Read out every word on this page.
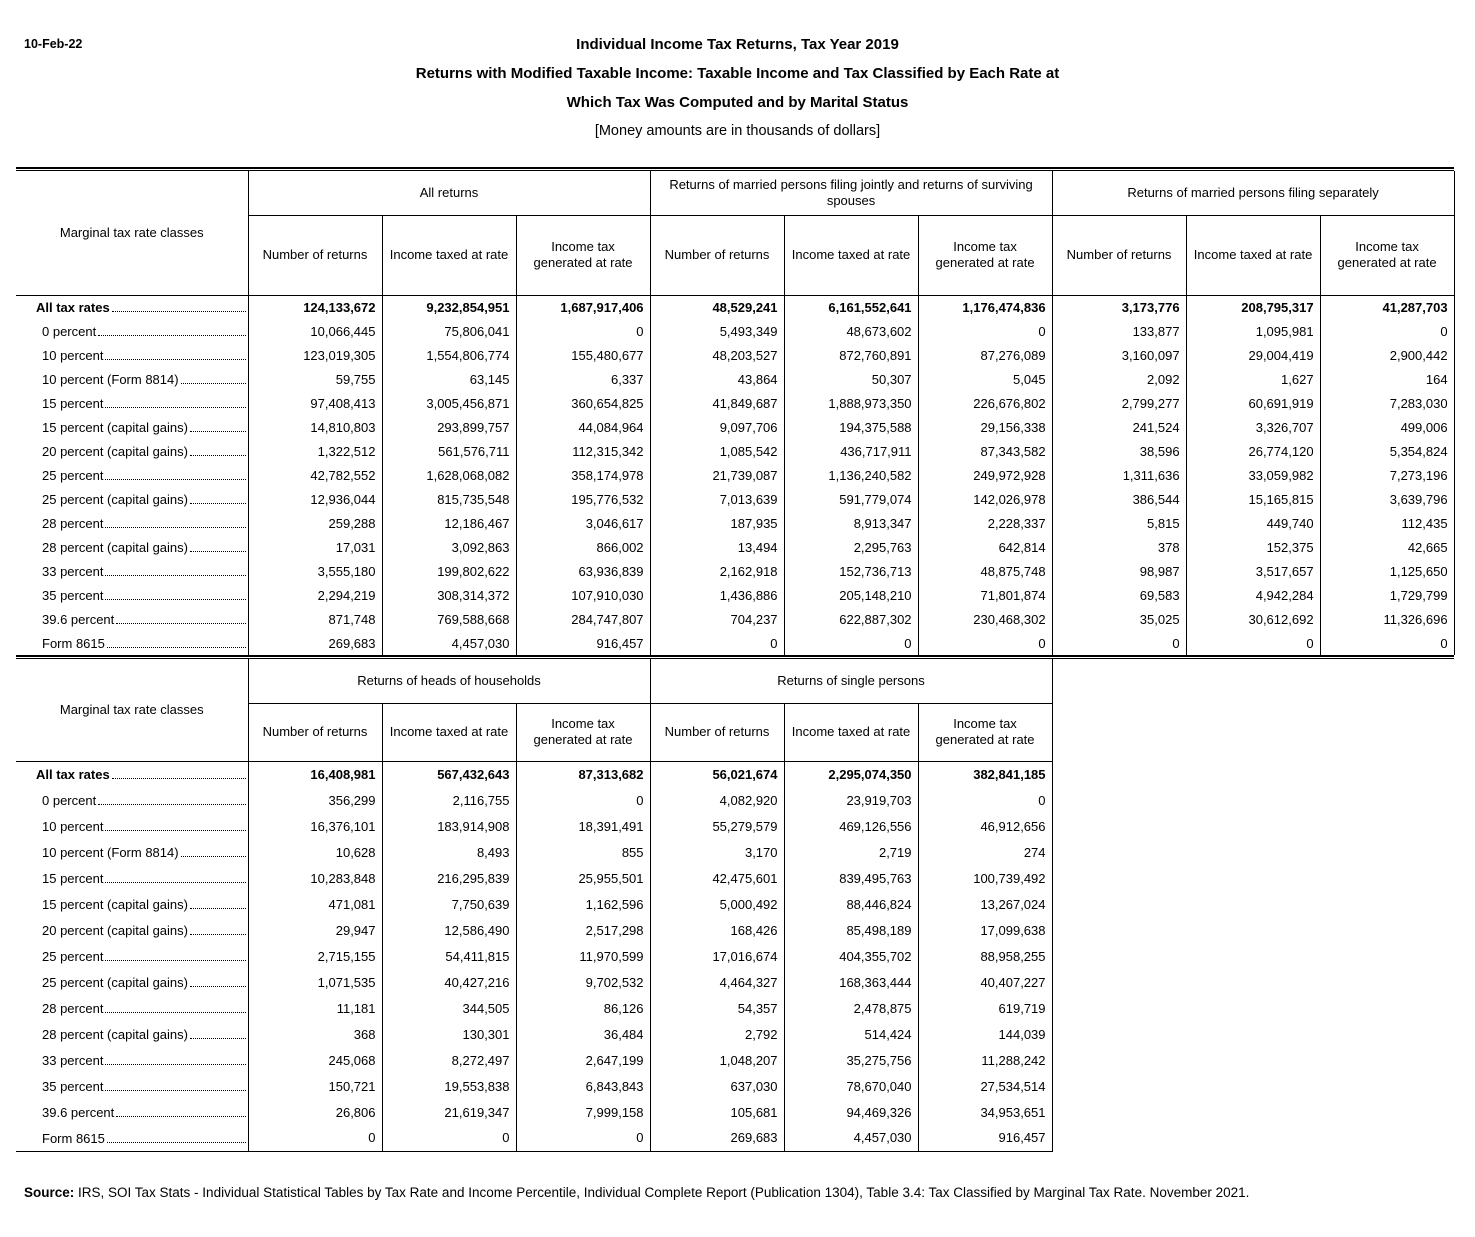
10-Feb-22	Individual Income Tax Returns, Tax Year 2019
Returns with Modified Taxable Income: Taxable Income and Tax Classified by Each Rate at
Which Tax Was Computed and by Marital Status
[Money amounts are in thousands of dollars]
Marginal tax rate classes	All returns			Returns of married persons filing jointly and returns of surviving spouses			Returns of married persons filing separately		
	Number of returns	Income taxed at rate	Income tax generated at rate	Number of returns	Income taxed at rate	Income tax generated at rate	Number of returns	Income taxed at rate	Income tax generated at rate

All tax rates	124,133,672	9,232,854,951	1,687,917,406	48,529,241	6,161,552,641	1,176,474,836	3,173,776	208,795,317	41,287,703

0 percent	10,066,445	75,806,041	0	5,493,349	48,673,602	0	133,877	1,095,981	0

10 percent	123,019,305	1,554,806,774	155,480,677	48,203,527	872,760,891	87,276,089	3,160,097	29,004,419	2,900,442

10 percent (Form 8814)	59,755	63,145	6,337	43,864	50,307	5,045	2,092	1,627	164

15 percent	97,408,413	3,005,456,871	360,654,825	41,849,687	1,888,973,350	226,676,802	2,799,277	60,691,919	7,283,030

15 percent (capital gains)	14,810,803	293,899,757	44,084,964	9,097,706	194,375,588	29,156,338	241,524	3,326,707	499,006

20 percent (capital gains)	1,322,512	561,576,711	112,315,342	1,085,542	436,717,911	87,343,582	38,596	26,774,120	5,354,824

25 percent	42,782,552	1,628,068,082	358,174,978	21,739,087	1,136,240,582	249,972,928	1,311,636	33,059,982	7,273,196

25 percent (capital gains)	12,936,044	815,735,548	195,776,532	7,013,639	591,779,074	142,026,978	386,544	15,165,815	3,639,796

28 percent	259,288	12,186,467	3,046,617	187,935	8,913,347	2,228,337	5,815	449,740	112,435

28 percent (capital gains)	17,031	3,092,863	866,002	13,494	2,295,763	642,814	378	152,375	42,665

33 percent	3,555,180	199,802,622	63,936,839	2,162,918	152,736,713	48,875,748	98,987	3,517,657	1,125,650

35 percent	2,294,219	308,314,372	107,910,030	1,436,886	205,148,210	71,801,874	69,583	4,942,284	1,729,799

39.6 percent	871,748	769,588,668	284,747,807	704,237	622,887,302	230,468,302	35,025	30,612,692	11,326,696

Form 8615	269,683	4,457,030	916,457	0	0	0	0	0	0
Marginal tax rate classes	Returns of heads of households			Returns of single persons		
	Number of returns	Income taxed at rate	Income tax generated at rate	Number of returns	Income taxed at rate	Income tax generated at rate

All tax rates	16,408,981	567,432,643	87,313,682	56,021,674	2,295,074,350	382,841,185

0 percent	356,299	2,116,755	0	4,082,920	23,919,703	0

10 percent	16,376,101	183,914,908	18,391,491	55,279,579	469,126,556	46,912,656

10 percent (Form 8814)	10,628	8,493	855	3,170	2,719	274

15 percent	10,283,848	216,295,839	25,955,501	42,475,601	839,495,763	100,739,492

15 percent (capital gains)	471,081	7,750,639	1,162,596	5,000,492	88,446,824	13,267,024

20 percent (capital gains)	29,947	12,586,490	2,517,298	168,426	85,498,189	17,099,638

25 percent	2,715,155	54,411,815	11,970,599	17,016,674	404,355,702	88,958,255

25 percent (capital gains)	1,071,535	40,427,216	9,702,532	4,464,327	168,363,444	40,407,227

28 percent	11,181	344,505	86,126	54,357	2,478,875	619,719

28 percent (capital gains)	368	130,301	36,484	2,792	514,424	144,039

33 percent	245,068	8,272,497	2,647,199	1,048,207	35,275,756	11,288,242

35 percent	150,721	19,553,838	6,843,843	637,030	78,670,040	27,534,514

39.6 percent	26,806	21,619,347	7,999,158	105,681	94,469,326	34,953,651

Form 8615	0	0	0	269,683	4,457,030	916,457
Source: IRS, SOI Tax Stats - Individual Statistical Tables by Tax Rate and Income Percentile, Individual Complete Report (Publication 1304), Table 3.4: Tax Classified by Marginal Tax Rate. November 2021.
